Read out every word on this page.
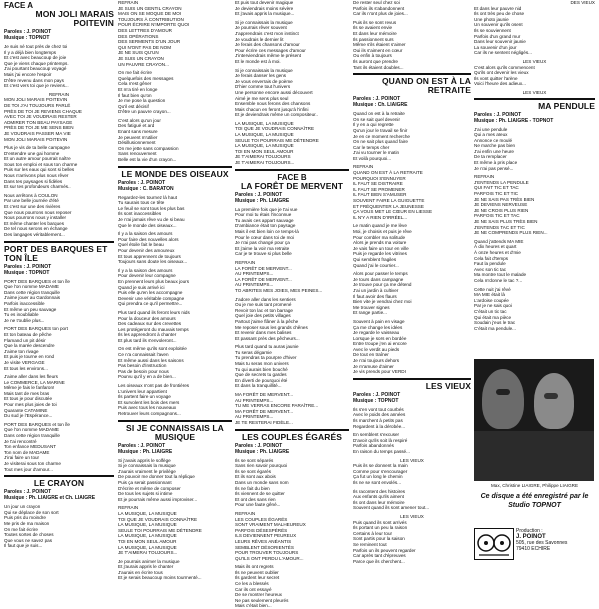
FACE A
MON JOLI MARAIS POITEVIN
Paroles : J. POINOT
Musique : TOPNOT
Je suis né tout près de chez toi
Il y a déjà bien longtemps
Et c'est avec beaucoup de joie
Que je viens chaque printemps.
J'ai pourtant beaucoup voyagé
Mais j'ai encore l'espoir
D'être revenu dans mon pays
Et c'est vers toi que je reviens...
REFRAIN
MON JOLI MARAIS POITEVIN
DE TOI J'AI TOUJOURS PARLÉ
PRÈS DE TOI JE REVIENS CHAQUE
AVEC TOI JE VOUDRAIS RESTER
ADMIRER TON BEAU PAYSAGE
PRÈS DE TOI JE ME SENS BIEN
JE VOUDRAIS PASSER MA VIE
MON JOLI MARAIS POITEVIN
Plus je vis de ta belle campagne
D'entendre une gai homme
Et un autre amour pourrait naître
Sous ton emploi et sous ton charme
Puis sur les eaux qui sont si belles
Nous n'arrivons plus nous rêver
Dans tes paysages si fidèles
Et sur tes profondeurs charmés..
Nous arrêtons à COULON
Par une belle journée d'été
Et c'est sur une des rivières
Que nous pourrons nous reposer
Nous pourrons nous y installer
Et même chanter les barques
De tel nous serons en échange
Des langages véritablement...
PORT DES BARQUES ET TON ÎLE
Paroles : J. POINOT
Musique : TOPNOT
PORT DES BARQUES et ton île
Que l'on nomme MADAME
Dans cette région tranquille
J'aime jouer au Gardonnais
Parfois inaccessible
Et même un peu sauvage
Tu es inoubliable
Je ne t'oublie plus...
PORT DES BARQUES ton port
Et ton bateau de pêche
Flamand un pit désir
Que la marée descendre
J'aime ton rivage
Et puis je tourne en rond
Je visite VERGAGE
Et tous les environs...
J'aime aller dans les fleurs
Le COMMERCE, LA MARINE
Même je fais le fanfaron!
Mais tant de mes bras
Et tous je pour discutée
Pour mes plus joies de toi
Quarante CATAMINE
Du sud je l'Espérance...
PORT DES BARQUES et ton île
Que l'on nomme MADAME
Dans cette région tranquille
Je t'ai rencontré
Ton enfance MEDUSANT
Ton nom de MADAME
J'irai faire un tour
Je visiterai sous ton charme
Tout mes jour d'amour...
LE CRAYON
Paroles : J. POINOT
Musique : Ph. LIAIGRE et Ch. LIAIGRE
Un jour un crayon
Qui se déplace de son sort
Puis pris du moindre
Me pris de ma maison
On me fait écrire
Toutes sortes de choses
Que vous ne savez pas
Il faut que je suis...
REFRAIN
JE SUIS UN GENTIL CRAYON
MAIS ON SE MOQUE DE MOI
TOUJOURS À CONTRIBUTION
POUR ÉCRIRE N'IMPORTE QUOI
DES LETTRES D'AMOUR
DES OPÉRATIONS
DES SERMENTS D'UN JOUR
QUI N'ONT PAS DE NOM
JE NE SUIS QU'UN
JE SUIS UN CRAYON
UN PAUVRE CRAYON...
On me fait écrire
Quelquefois des messages
Cela n'est gêner
Et m'a tiré en longe
Il faut bien qu'on
Je me pose la question
Qu'il est décisif
D'être un pauvre crayon...
C'est alors qu'un jour
Des fatigué et ard
Enant sans mesure
Je peuvent m'utilier
Désillusionnement
On me jette sans compassion
Sans renouvement
Belle est la vie d'un crayon...
LE MONDE DES OISEAUX
Paroles : J. POINOT
Musique : C. BARATON
Regardez-les tournez là haut
Tu saurais tous ce tête
Le feuil se sont tous les plus bas
Ils sont inaccessibles
Je n'ai jamais rêve vu de si beau
Que le monde des oiseaux...
Il y a la saison des amours
Pour faire des nouvelles alors
Quel étoile fait le beau
Pour devenir des amoureux
Et tous apprennent de toujours
Toujours sans doute les oiseaux...
Il y a la saison des amours
Pour devenir leur compagne
En prennent leurs plus beaux jours
Quand je suis arrivé ici
Puis elle qu'en les accompagne
Devenir une véritable compagne
Qui prendra ce qu'il permettre...
Plus tard quand ils feront leurs nids
Pour la douceur des amours
Des cadeaux sur des crevettes
Les protégeront du mauvais temps
Ils les apprendront à chanter
Et plus tard ils s'envoleront...
On est même qu'ils sont exploitée
Ce n'a connaissait l'aven
Et même aussi dans les saisons
Pas besoin d'instruction
Pas de besoin pour nous
Pourvu qu'il y en a de bien...
Les oiseaux n'ont pas de frontières
L'univers leur appartient
Ils partent faire un voyage
Et survolent les bois des mers
Puis avec tous les nouveaux
Retrouver leurs compagnons...
SI JE CONNAISSAIS LA MUSIQUE
Paroles : J. POINOT
Musique : Ph. LIAIGRE
Si j'avais appris le solfège
Si je connaissais la musique
J'aurais vraiment le privilège
De pouvoir me donner tout la réplique
Puis ça serait passionnant
D'écrire et même de composer
De tous les sujets si intime
Et je pourrais même aussi improviser...
REFRAIN
LA MUSIQUE, LA MUSIQUE
TOI QUE JE VOUDRAIS CONNAÎTRE
LA MUSIQUE, LA MUSIQUE
SEULE TOI POURRAIS ME DÉTENDRE
LA MUSIQUE, LA MUSIQUE
TOI EN MON SEUL AMOUR
LA MUSIQUE, LA MUSIQUE
JE T'AIMERAI TOUJOURS...
Je pourrais animer la musique
Et j'aurais appris le chanter
J'aurais en écrire tous
Et je serais beaucoup moins tourmenté...
Et puis tout devenir magique
Je deviendrais moins sévère
Et j'avais appris la musique...
Si je connaissais la musique
Je pourrais rêver souvent
J'apprendrais c'est mon instinct
Je voudrais le dernier lit
Je ferais des chansons d'amour
Pour écrire ces messages d'amour
J'interviendrais même le présent
Et le monde est à moi.
Si je connaissais la musique
Je ferais danser les gens
Je vous enverrais de poème
D'hier comme tout l'univers
Une personne encore aussi découvert
Aimé je me sens plus seul
Ensemble nous ferons des chansons
Mais chacun en feront jusqu'à l'infini
Et je deviendrais même un compositeur..
LA MUSIQUE, LA MUSIQUE
TOI QUE JE VOUDRAIS CONNAÎTRE
LA MUSIQUE, LA MUSIQUE
SEULE TOI POURRAIS ME DÉTENDRE
LA MUSIQUE, LA MUSIQUE
TOI EN MON SEUL AMOUR
JE T'AIMERAI TOUJOURS
JE T'AIMERAI TOUJOURS...
FACE B
LA FORÊT DE MERVENT
Paroles : J. POINOT
Musique : Ph. LIAIGRE
La première fois que je t'ai vue
Pour moi tu étais l'inconnue
Tu avais ces appart sauvage
D'ambiance était ton paysage
Mais il est bien loin ce temps-là
Pour le cœur dans toi de moi
Je n'ai pas changé pour ça
Et j'aime la voir ma retraite
Car je te trouve si plus belle
REFRAIN
LA FORÊT DE MERVENT...
AU PRINTEMPS...
LA FORÊT DE MERVENT...
AU PRINTEMPS...
TO ABRITES MES JOIES, MES PEINES...
J'adore aller dans les sentiers
Ou je me suis tant promené
Revoir ton lac et ton barrage
Quel joie des petits villages
Partout j'aime flâner à la pêche
Me reposer sous les grands chênes
Et revenir dans mes balises
Et passant près des pêcheurs...
Plus tard quand tu auras jaunie
Tu seras dégarnie
Tu prendras ta pourpre d'hiver
Mais tu seras mon univers
Tu qui aurais bien bouché
Que de secrets tu gardes
En diverti de pourquoi été
Et dans la tranquillité...
MA FORÊT DE MERVENT...
AU PRINTEMPS...
TU ME VERRAS ENCORE PARAÎTRE...
MA FORÊT DE MERVENT...
AU PRINTEMPS...
JE TE RESTERAI FIDÈLE...
LES COUPLES ÉGARÉS
Paroles : J. POINOT
Musique : Ph. LIAIGRE
Ils se sont séparés
Sans rien savoir pourquoi
Ils se sont égarés
Et ils sont aux abois
Dans un monde sans nom
Ils ne fait du bien
Ils viennent de se quitter
Et ont des sans rien
Pour une faute gêné...
REFRAIN
LES COUPLES ÉGARÉS
SONT VRAIMENT MALHEUREUX
PARFOIS DÉSESPÉRÉS
ILS DEVIENNENT PEUREUX
LEURS RÊVES ANÉANTIS
SEMBLENT DÉSORIENTÉS
POUR TROUVER TOUJOURS
QU'ILS ONT PERDU L'AMOUR...
Mais ils ont regrets
Ils ne peuvent oublier
Ils gardent leur secret
Ce les a blessés
Car ils ont essayé
De se montrer heureux
Ne pas seulement pleurés
Mais c'était bien...
De rester seul chez soi
Parfois ils s'abandonnent
Car ils n'ont plus de joies...
Puis ils se sont revus
Ils se avaient envie
Et dans leur mémoire
Ils passionnent surs
Même s'ils étaient s'aimer
Oui ils s'aiment en cœur
Ou enfin à toujours
Ils auront que prendre
Tant ils étaient doubles...
QUAND ON EST À LA RETRAITE
Paroles : J. POINOT
Musique : Ch. LIAIGRE
Quand on est à la retraite
On se sait quel devenir
Il y en a qui regrette
Qu'un jour le travail se finir
Je en ce moment recherche
On ne sait plus quand faire
Car le temps cher
J'ai vu tourner le matin
Et voilà pourquoi...
REFRAIN
QUAND ON EST À LA RETRAITE
POURQUOI S'ENNUYER
IL FAUT SE DISTRAIRE
IL FAUT SE PROMENER
IL FAUT BIEN S'AMUSER
SOUVENT FAIRE LA GUIGUETTE
ET FRÉQUENTER LA JEUNESSE
ÇA VOUS MET LE CŒUR EN LIESSE
IL N'Y A RIEN D'IRRÉEL...
Le matin quand je me lève
Moi, je choisis et puis je rêve
Pour combler ma solitude
Alors je prends ma voiture
Je vais faire un tour en ville
Puis je regarde les vitrines
Qui semblent fragiles
Quand j'ai le courrier...
Alors pour passer le temps
Je tours dans campagne
Je trouve pour ça me détend
J'ai un jardin à cultiver
Il faut avoir des flaurs
Bien vite je vendrai chez moi
Me trouver signes
Et range partie...
Souvent à pain en visage
Ça me change les idées
Je regarde le vaisseau
Lorsque je sors en bordée
Entre troupe j'en ai encore
Avec le verdit au pieds
De tout en traîner
Je n'ai toujours dehors
Je m'amuse d'aimer
Je vis prends pour VERDI
LES VIEUX
Paroles : J. POINOT
Musique : TOPNOT
Ils s'en vont tout courbés
Avec le poids des années
Ils marchent à petits pas
Regardent à la dérobée...
En semblent s'excuser
D'avoir qu'ils soit là respiré
Parfois abandonnés
En raison du temps passé...
LES VIEUX
Puis ils se donnent la main
Comme pour s'encourager
Ça fut un long le chemin
Ils ne se sont envolés...
Ils racontent des histoires
Aux enfants qu'ils aiment
Ils ont dans leur mémoire
Souvent quand ils sont amener tout...
LES VIEUX
Puis quand ils sont arrivés
Ils portant un peu la raison
Certains à leur tour
Sont partis pour la saison
Se reminent tout
Parfois un ils peuvent regarder
Car après tant d'épreuves
Parce que ils cherchent...
DES VIEUX
Et dans leur pauvre nid
Ils ont très peu de chose
Une photo jaunie
Un souvenir qu'ils osent
Ils se souviennent
Parfois d'un grand mur
Dans leur souvenir jaunie
La souvenir d'un jour
Car ils ne sentent négligés...
LES VIEUX
C'est alors qu'ils commencent
Qu'ils ont devenir les vieux
Ils vont quitter l'arène
Voici l'heure des adieux...
LES VIEUX
MA PENDULE
Paroles : J. POINOT
Musique : Ph. LIAIGRE - TOPNOT
J'ai une pendule
Qui a mes aïeux
Annonce ce moulé
Ne marche pas bien
J'ai enfin une heure
De ta remplacer
Et même à pris place
Je n'ai pas pensé...
REFRAIN
J'ENTENDS LA PENDULE
QUI FAIT TIC ET TAC
PARFOIS TIC ET TIC
JE NE SAIS PAS TRÈS BIEN
JE DEVIENS NERVEUSE
JE NE CROIS PLUS RIEN
PARFOIS TIC ET TAC
JE NE SAIS PLUS TRÈS BIEN
J'ENTENDS TAC ET TIC
JE NE COMPRENDS PLUS RIEN...
Quand j'attends MA MIE
À dix heures et quart
À onze heures et d'mie
Cela fait d'temps
Faut la pendule
Avec son tic tac
Ma montre tout le malade
Cela m'donne le tac ?...
Cette nuit j'ai rêvé
MA MIE était là
L'ardoise coupée
Par je ne sais quoi
C'était un tic tac
Qui était ma pièce
Soudain j'eus le trac
C'était ma pendule...
Max, Christine LIAIGRE, Philippe LIAIGRE
Ce disque a été enregistré par le Studio TOPNOT
Production :
J. POINOT
505, rue des Savonnes
79410 ECHIRE
